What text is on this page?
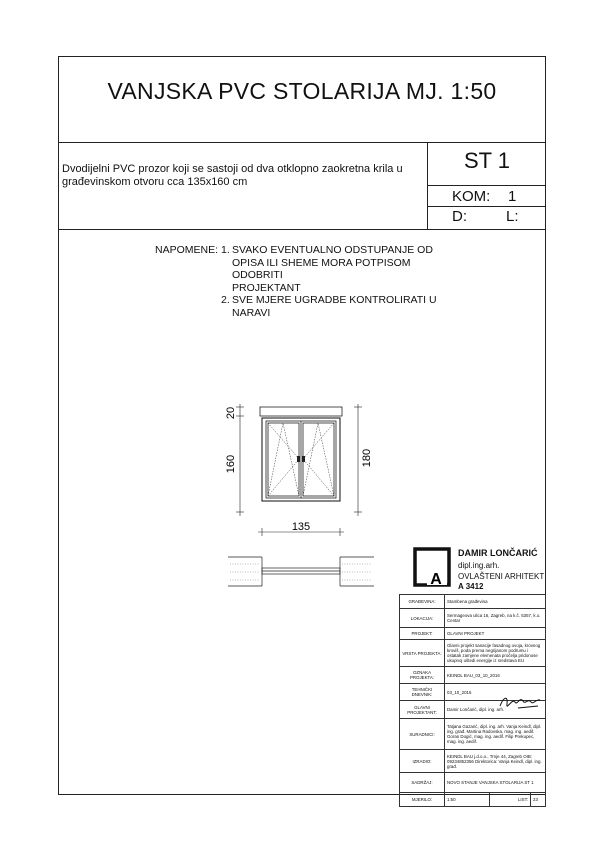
VANJSKA PVC STOLARIJA MJ. 1:50
Dvodijelni PVC prozor koji se sastoji od dva otklopno zaokretna krila u građevinskom otvoru cca 135x160 cm
ST 1
KOM: 1
D:	L:
NAPOMENE: 1. SVAKO EVENTUALNO ODSTUPANJE OD
OPISA ILI SHEME MORA POTPISOM ODOBRITI
PROJEKTANT
2. SVE MJERE UGRADBE KONTROLIRATI U
NARAVI
20
160	180
135
A
DAMIR LONČARIĆ
dipl.ing.arh.
OVLAŠTENI ARHITEKT
A 3412
GRAĐEVINA:	Stambena građevina		
LOKACIJA:	Sermageova ulica 16, Zagreb, na k.č. 5357, k.o. Centar		
PROJEKT:	GLAVNI PROJEKT		
VRSTA PROJEKTA:	Glavni projekt sanacije fasadnog ovoja, krovnog kroviš, poda prema negrijanom podrumu i ostatak zamjene elemenata pročelja pridonose ukupnoj uštedi energije iz sredstava EU		
OZNAKA PROJEKTA:	KEINDL BAU_03_10_2016		
TEHNIČKI DNEVNIK:	03_10_2015		
GLAVNI PROJEKTANT:	Damir Lončarić, dipl. ing. arh.		
SURADNICI:	Tatjana Gazarić, dipl. ing. arh. Vanja Keindl, dipl. ing. građ. Martina Radovska, mag. ing. aedif. Goran Dogić, mag. ing. aedif. Filip Prekupec, mag. ing. aedif.		
IZRADIO:	KEINDL BAU j.d.o.o., Trnje 44, Zagreb OIB: 09234852356 Direktorica: Vanja Keindl, dipl. ing. građ.		
SADRŽAJ:	NOVO STANJE VANJSKA STOLARIJA ST 1		
MJERILO:	1:50	LIST:	23
